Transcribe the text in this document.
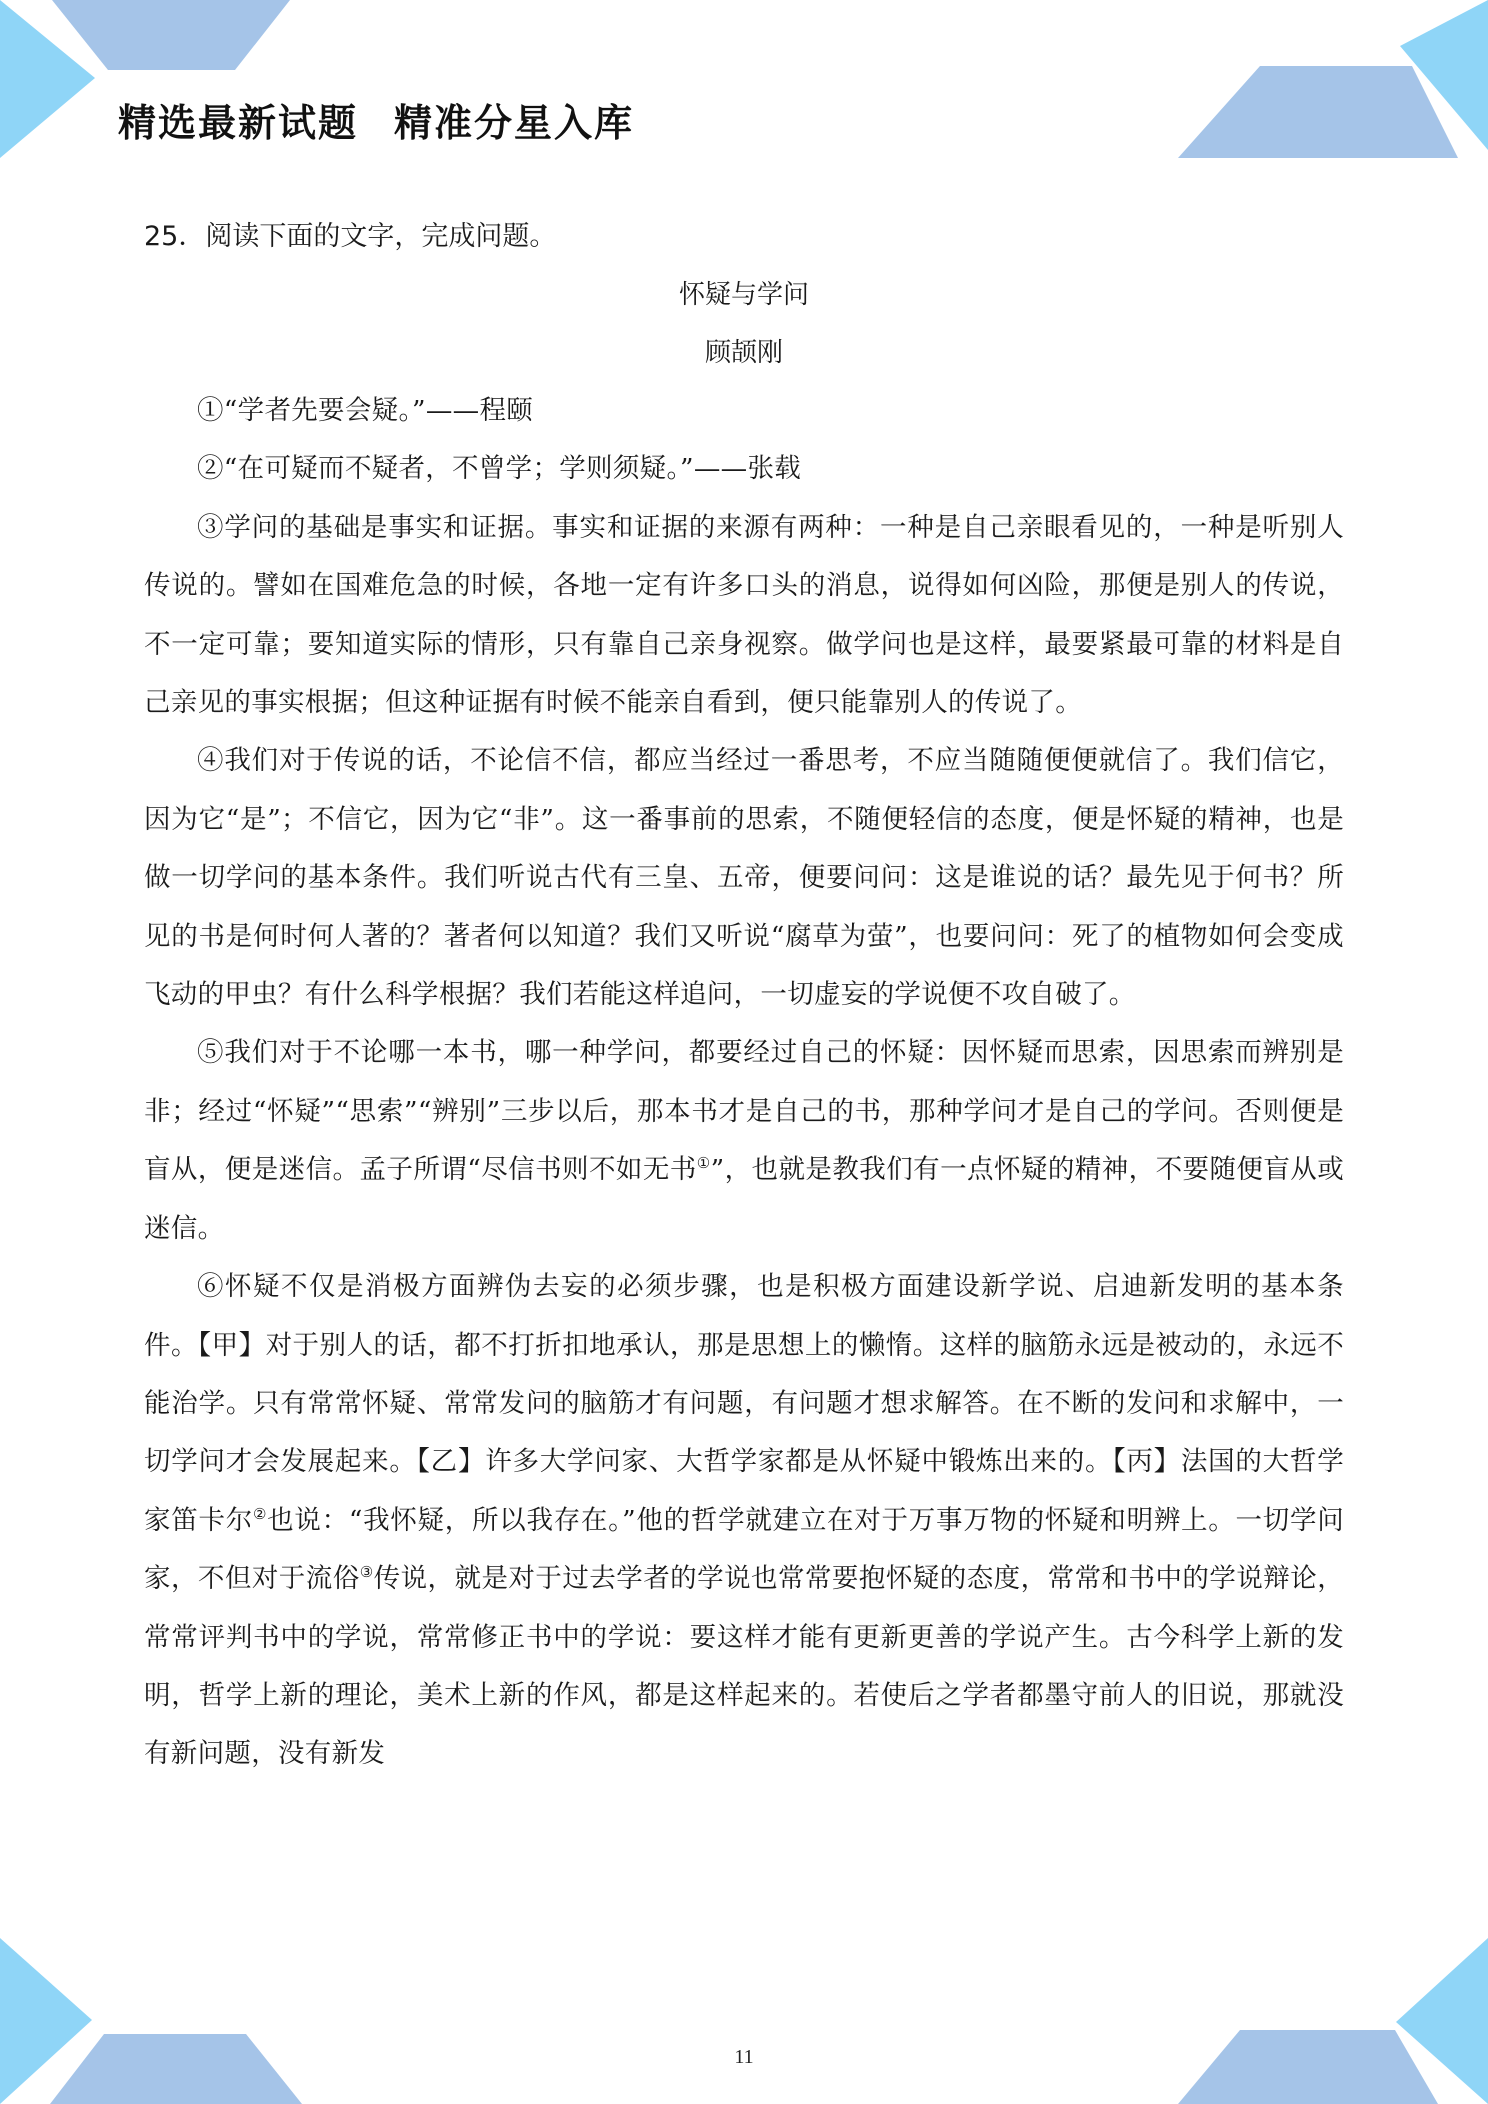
精选最新试题 精准分星入库

25．阅读下面的文字，完成问题。

怀疑与学问

顾颉刚

①“学者先要会疑。”——程颐

②“在可疑而不疑者，不曾学；学则须疑。”——张载

③学问的基础是事实和证据。事实和证据的来源有两种：一种是自己亲眼看见的，一种是听别人传说的。譬如在国难危急的时候，各地一定有许多口头的消息，说得如何凶险，那便是别人的传说，不一定可靠；要知道实际的情形，只有靠自己亲身视察。做学问也是这样，最要紧最可靠的材料是自己亲见的事实根据；但这种证据有时候不能亲自看到，便只能靠别人的传说了。

④我们对于传说的话，不论信不信，都应当经过一番思考，不应当随随便便就信了。我们信它，因为它“是”；不信它，因为它“非”。这一番事前的思索，不随便轻信的态度，便是怀疑的精神，也是做一切学问的基本条件。我们听说古代有三皇、五帝，便要问问：这是谁说的话？最先见于何书？所见的书是何时何人著的？著者何以知道？我们又听说“腐草为萤”，也要问问：死了的植物如何会变成飞动的甲虫？有什么科学根据？我们若能这样追问，一切虚妄的学说便不攻自破了。

⑤我们对于不论哪一本书，哪一种学问，都要经过自己的怀疑：因怀疑而思索，因思索而辨别是非；经过“怀疑”“思索”“辨别”三步以后，那本书才是自己的书，那种学问才是自己的学问。否则便是盲从，便是迷信。孟子所谓“尽信书则不如无书①”，也就是教我们有一点怀疑的精神，不要随便盲从或迷信。

⑥怀疑不仅是消极方面辨伪去妄的必须步骤，也是积极方面建设新学说、启迪新发明的基本条件。【甲】对于别人的话，都不打折扣地承认，那是思想上的懒惰。这样的脑筋永远是被动的，永远不能治学。只有常常怀疑、常常发问的脑筋才有问题，有问题才想求解答。在不断的发问和求解中，一切学问才会发展起来。【乙】许多大学问家、大哲学家都是从怀疑中锻炼出来的。【丙】法国的大哲学家笛卡尔②也说：“我怀疑，所以我存在。”他的哲学就建立在对于万事万物的怀疑和明辨上。一切学问家，不但对于流俗③传说，就是对于过去学者的学说也常常要抱怀疑的态度，常常和书中的学说辩论，常常评判书中的学说，常常修正书中的学说：要这样才能有更新更善的学说产生。古今科学上新的发明，哲学上新的理论，美术上新的作风，都是这样起来的。若使后之学者都墨守前人的旧说，那就没有新问题，没有新发

11
